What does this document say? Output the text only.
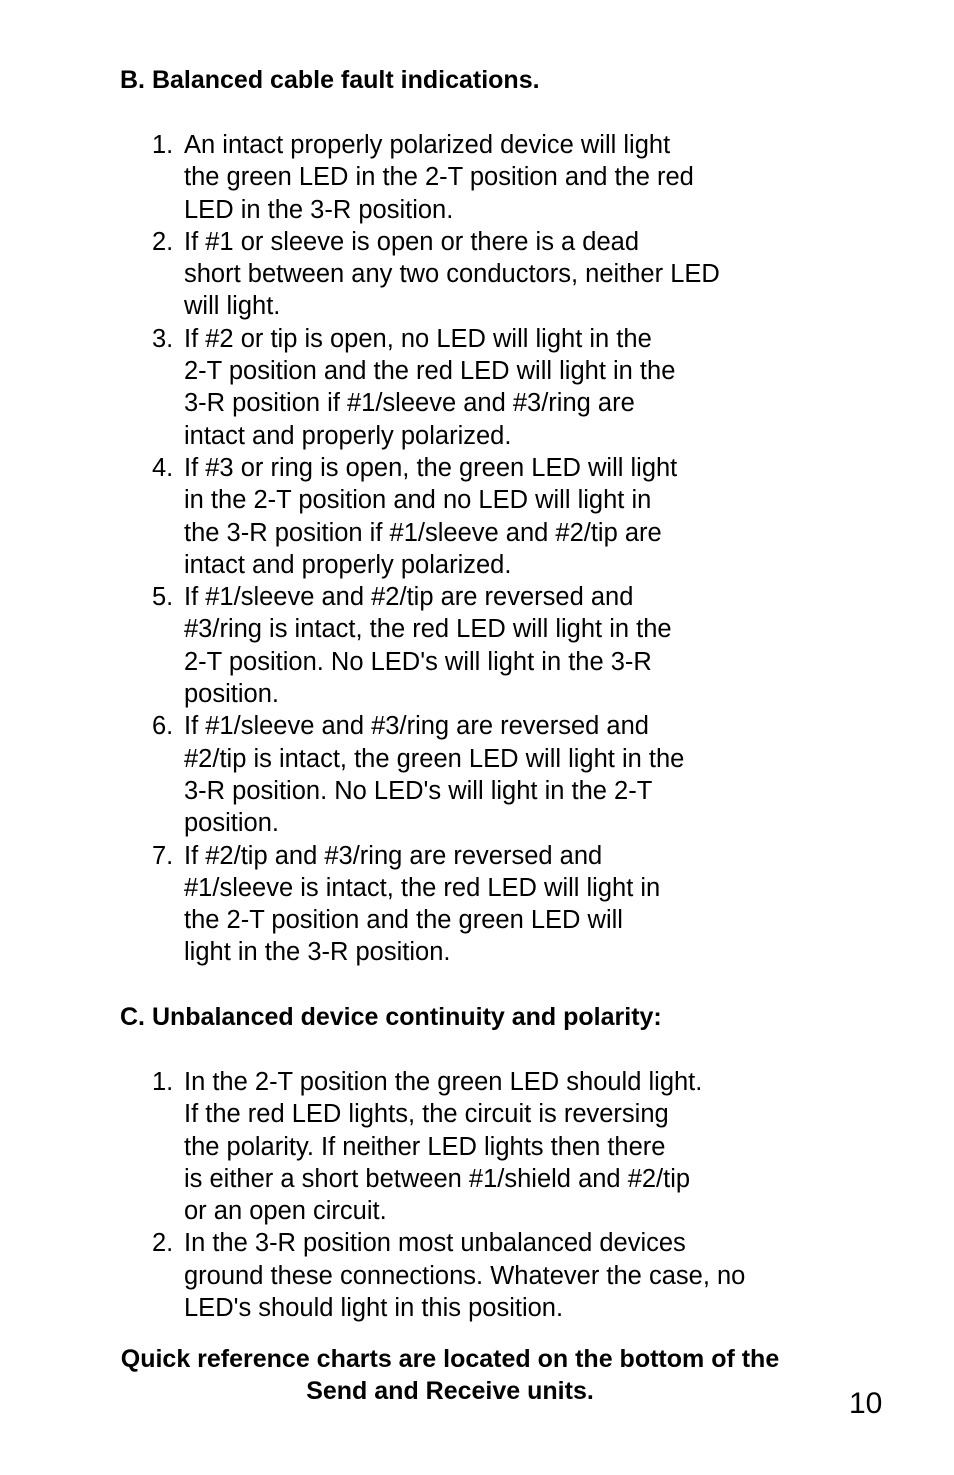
B. Balanced cable fault indications.
1. An intact properly polarized device will light
the green LED in the 2-T position and the red
LED in the 3-R position.
2. If #1 or sleeve is open or there is a dead
short between any two conductors, neither LED
will light.
3. If #2 or tip is open, no LED will light in the
2-T position and the red LED will light in the
3-R position if #1/sleeve and #3/ring are
intact and properly polarized.
4. If #3 or ring is open, the green LED will light
in the 2-T position and no LED will light in
the 3-R position if #1/sleeve and #2/tip are
intact and properly polarized.
5. If #1/sleeve and #2/tip are reversed and
#3/ring is intact, the red LED will light in the
2-T position. No LED's will light in the 3-R
position.
6. If #1/sleeve and #3/ring are reversed and
#2/tip is intact, the green LED will light in the
3-R position. No LED's will light in the 2-T
position.
7. If #2/tip and #3/ring are reversed and
#1/sleeve is intact, the red LED will light in
the 2-T position and the green LED will
light in the 3-R position.
C. Unbalanced device continuity and polarity:
1. In the 2-T position the green LED should light.
If the red LED lights, the circuit is reversing
the polarity. If neither LED lights then there
is either a short between #1/shield and #2/tip
or an open circuit.
2. In the 3-R position most unbalanced devices
ground these connections. Whatever the case, no
LED's should light in this position.
Quick reference charts are located on the bottom of the
Send and Receive units.	10
